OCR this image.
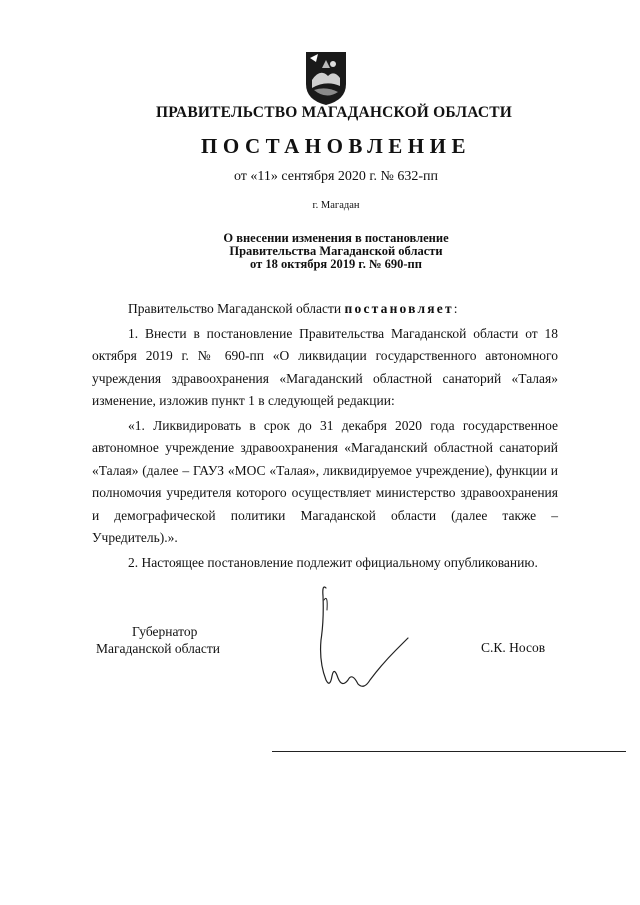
ПРАВИТЕЛЬСТВО МАГАДАНСКОЙ ОБЛАСТИ
ПОСТАНОВЛЕНИЕ
от «11» сентября 2020 г. № 632-пп
г. Магадан
О внесении изменения в постановление
Правительства Магаданской области
от 18 октября 2019 г. № 690-пп

Правительство Магаданской области постановляет:

1. Внести в постановление Правительства Магаданской области от 18 октября 2019 г. № 690-пп «О ликвидации государственного автономного учреждения здравоохранения «Магаданский областной санаторий «Талая» изменение, изложив пункт 1 в следующей редакции:

«1. Ликвидировать в срок до 31 декабря 2020 года государственное автономное учреждение здравоохранения «Магаданский областной санаторий «Талая» (далее – ГАУЗ «МОС «Талая», ликвидируемое учреждение), функции и полномочия учредителя которого осуществляет министерство здравоохранения и демографической политики Магаданской области (далее также – Учредитель).».

2. Настоящее постановление подлежит официальному опубликованию.

Губернатор
Магаданской области	С.К. Носов
